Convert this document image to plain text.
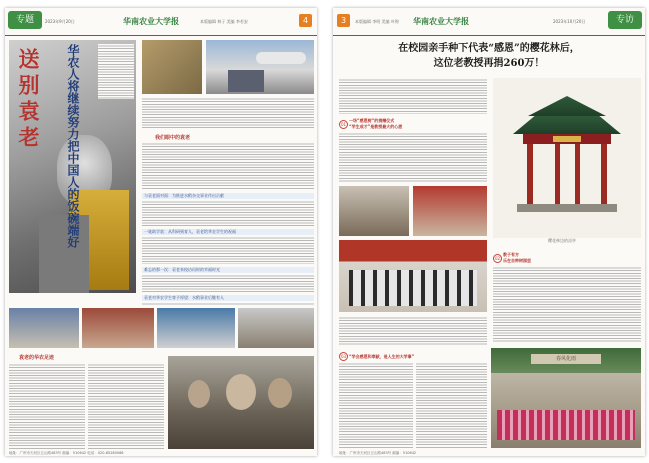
专题	2023年9月20日	华南农业大学报	本版编辑 林子 美编 李若安	4
送别袁老 华农人将继续努力把中国人的饭碗端好	我们眼中的袁老
与袁老面对面：为推进水稻杂交事业作出贡献
一笔助学款：从科研到育人，袁老给华农学生的祝福
难忘的那一次：袁老来校访问时的幸福时光
袁老对华农学生寄予厚望：水稻事业后继有人
袁老的华农足迹
地址：广州市天河区五山路483号 邮编：510642 电话：020-85280066
3	本版编辑 李明 美编 叶锦 华南农业大学报	2023年10月20日	专访
在校园亲手种下代表“感恩”的樱花林后，
这位老教授再捐260万！
01
一场“感恩树”的捐赠仪式
“学生成才”是教授最大的心愿
樱花林边的凉亭
02
教子有方
乐在自种树园里
03 “学会感恩和奉献，是人生的大学事”	春风化雨
地址：广州市天河区五山路483号 邮编：510642
